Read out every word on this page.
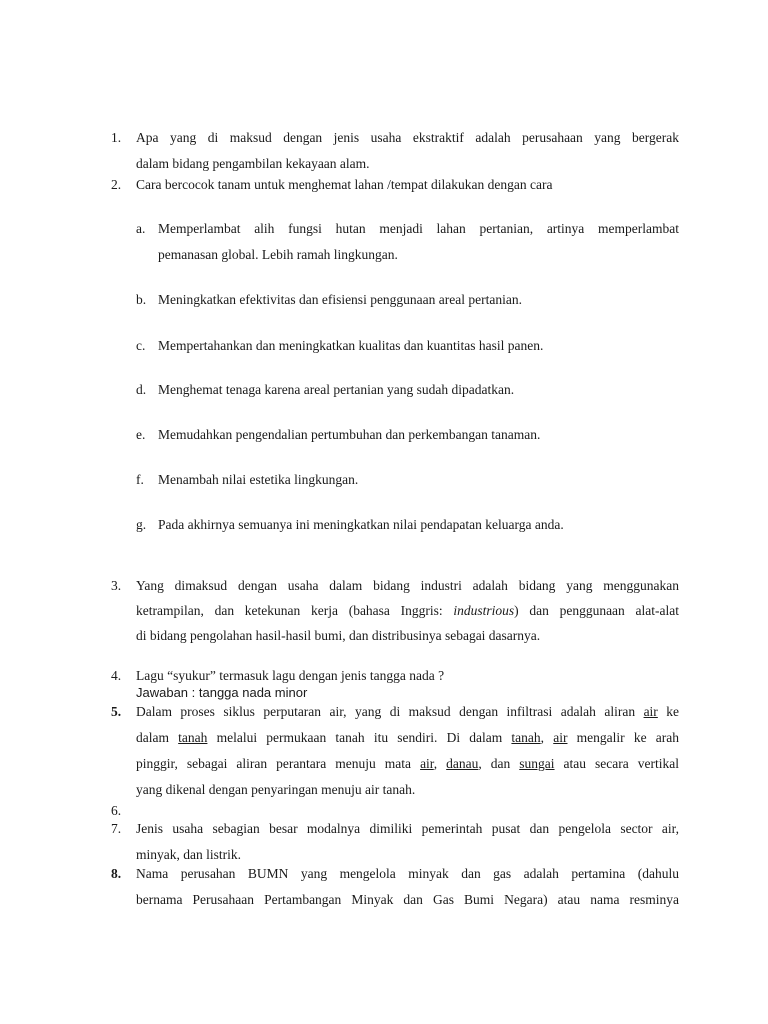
1.	Apa yang di maksud dengan jenis usaha ekstraktif adalah perusahaan yang bergerak
dalam bidang pengambilan kekayaan alam.
2.	Cara bercocok tanam untuk menghemat lahan /tempat dilakukan dengan cara
a. Memperlambat alih fungsi hutan menjadi lahan pertanian, artinya memperlambat
pemanasan global. Lebih ramah lingkungan.
b. Meningkatkan efektivitas dan efisiensi penggunaan areal pertanian.
c. Mempertahankan dan meningkatkan kualitas dan kuantitas hasil panen.
d. Menghemat tenaga karena areal pertanian yang sudah dipadatkan.
e. Memudahkan pengendalian pertumbuhan dan perkembangan tanaman.
f. Menambah nilai estetika lingkungan.
g. Pada akhirnya semuanya ini meningkatkan nilai pendapatan keluarga anda.
3.	Yang dimaksud dengan usaha dalam bidang industri adalah bidang yang menggunakan
ketrampilan, dan ketekunan kerja (bahasa Inggris: industrious) dan penggunaan alat-alat
di bidang pengolahan hasil-hasil bumi, dan distribusinya sebagai dasarnya.
4.	Lagu “syukur” termasuk lagu dengan jenis tangga nada ?
Jawaban : tangga nada minor
5.	Dalam proses siklus perputaran air, yang di maksud dengan infiltrasi adalah aliran air ke
dalam tanah melalui permukaan tanah itu sendiri. Di dalam tanah, air mengalir ke arah
pinggir, sebagai aliran perantara menuju mata air, danau, dan sungai atau secara vertikal
yang dikenal dengan penyaringan menuju air tanah.
6.
7.	Jenis usaha sebagian besar modalnya dimiliki pemerintah pusat dan pengelola sector air,
minyak, dan listrik.
8.	Nama perusahan BUMN yang mengelola minyak dan gas adalah pertamina (dahulu
bernama Perusahaan Pertambangan Minyak dan Gas Bumi Negara) atau nama resminya
